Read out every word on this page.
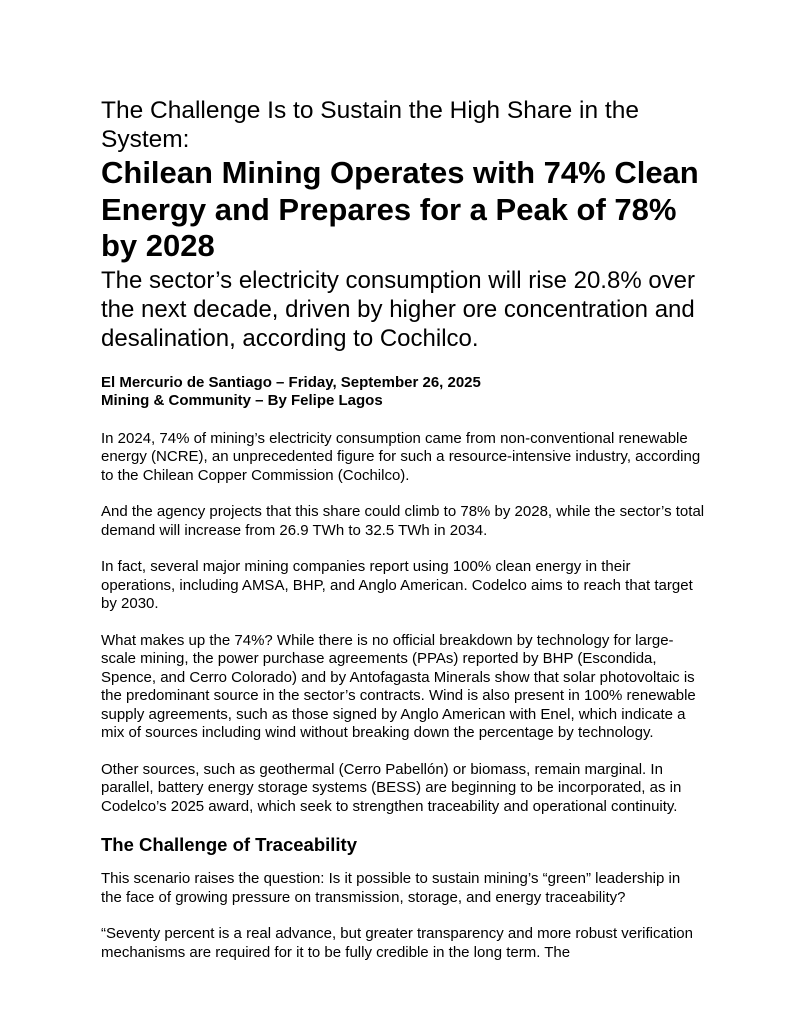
The Challenge Is to Sustain the High Share in the System:
Chilean Mining Operates with 74% Clean Energy and Prepares for a Peak of 78% by 2028
The sector’s electricity consumption will rise 20.8% over the next decade, driven by higher ore concentration and desalination, according to Cochilco.
El Mercurio de Santiago – Friday, September 26, 2025
Mining & Community – By Felipe Lagos

In 2024, 74% of mining’s electricity consumption came from non-conventional renewable energy (NCRE), an unprecedented figure for such a resource-intensive industry, according to the Chilean Copper Commission (Cochilco).

And the agency projects that this share could climb to 78% by 2028, while the sector’s total demand will increase from 26.9 TWh to 32.5 TWh in 2034.

In fact, several major mining companies report using 100% clean energy in their operations, including AMSA, BHP, and Anglo American. Codelco aims to reach that target by 2030.

What makes up the 74%? While there is no official breakdown by technology for large-scale mining, the power purchase agreements (PPAs) reported by BHP (Escondida, Spence, and Cerro Colorado) and by Antofagasta Minerals show that solar photovoltaic is the predominant source in the sector’s contracts. Wind is also present in 100% renewable supply agreements, such as those signed by Anglo American with Enel, which indicate a mix of sources including wind without breaking down the percentage by technology.

Other sources, such as geothermal (Cerro Pabellón) or biomass, remain marginal. In parallel, battery energy storage systems (BESS) are beginning to be incorporated, as in Codelco’s 2025 award, which seek to strengthen traceability and operational continuity.

The Challenge of Traceability

This scenario raises the question: Is it possible to sustain mining’s “green” leadership in the face of growing pressure on transmission, storage, and energy traceability?

“Seventy percent is a real advance, but greater transparency and more robust verification mechanisms are required for it to be fully credible in the long term. The
